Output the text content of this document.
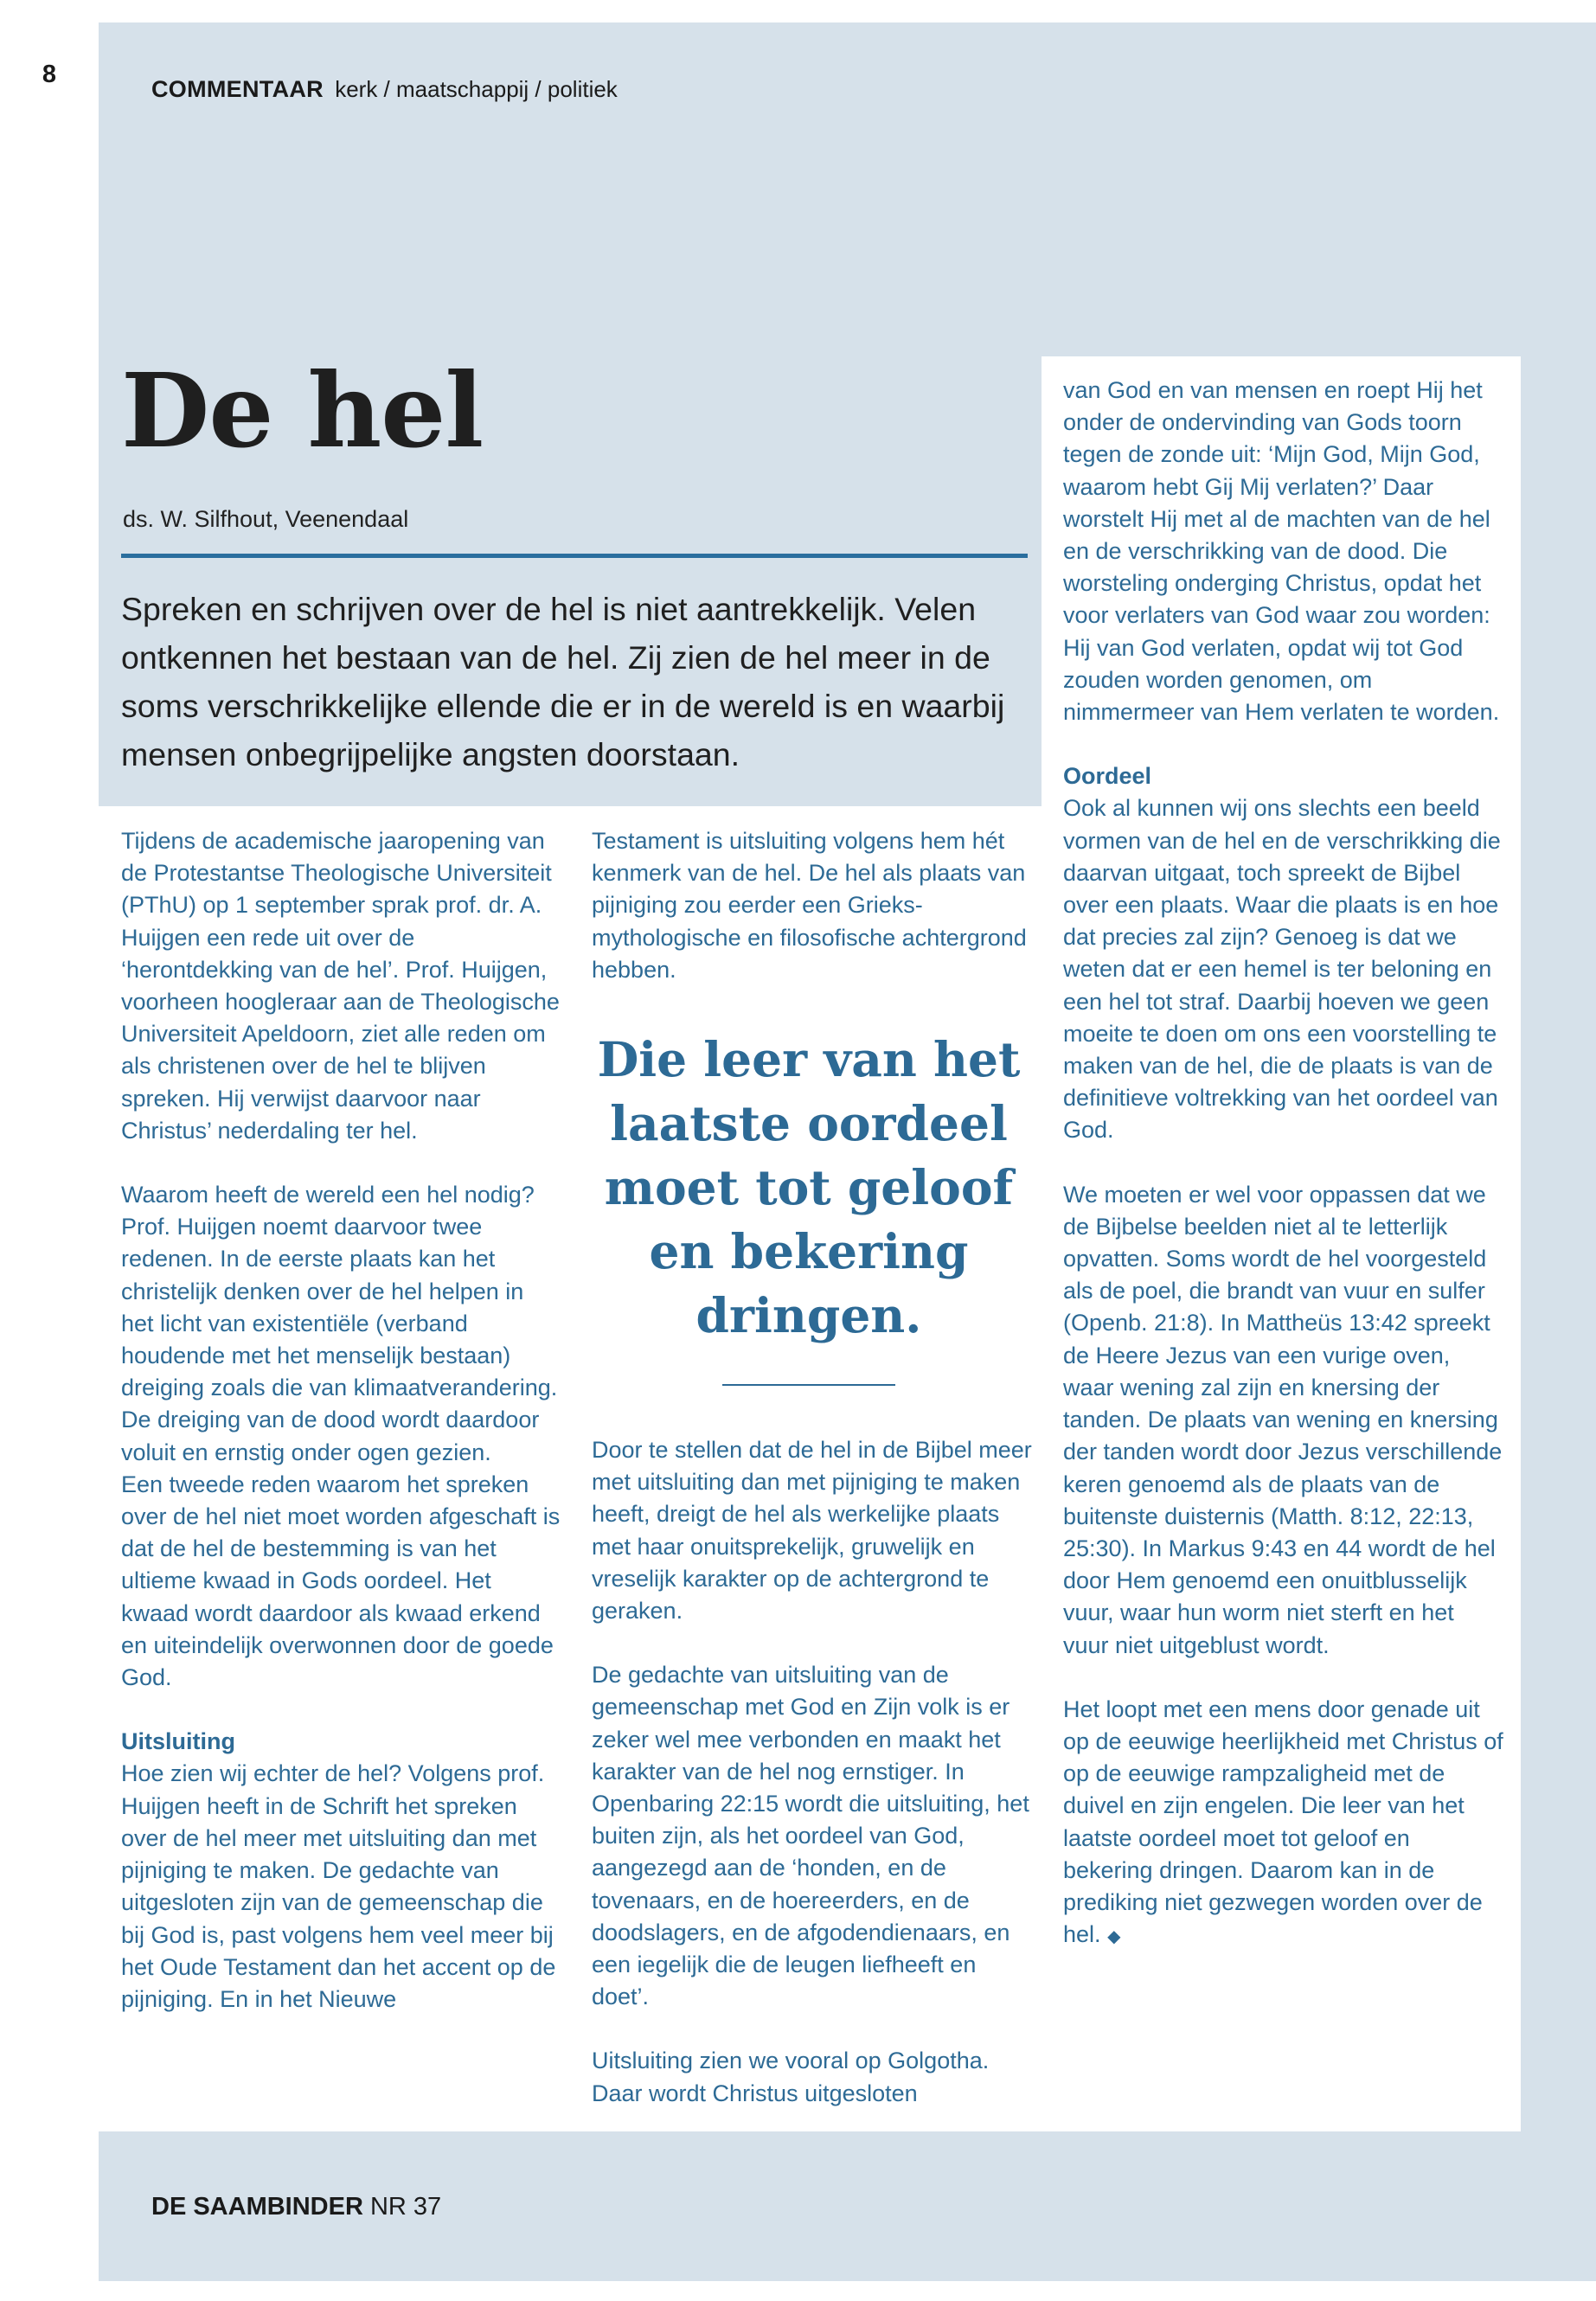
8
COMMENTAAR kerk / maatschappij / politiek
De hel
ds. W. Silfhout, Veenendaal

Spreken en schrijven over de hel is niet aantrekkelijk. Velen ontkennen het bestaan van de hel. Zij zien de hel meer in de soms verschrikkelijke ellende die er in de wereld is en waarbij mensen onbegrijpelijke angsten doorstaan.

Tijdens de academische jaaropening van de Protestantse Theologische Universiteit (PThU) op 1 september sprak prof. dr. A. Huijgen een rede uit over de ‘herontdekking van de hel’. Prof. Huijgen, voorheen hoogleraar aan de Theologische Universiteit Apeldoorn, ziet alle reden om als christenen over de hel te blijven spreken. Hij verwijst daarvoor naar Christus’ nederdaling ter hel.

Waarom heeft de wereld een hel nodig? Prof. Huijgen noemt daarvoor twee redenen. In de eerste plaats kan het christelijk denken over de hel helpen in het licht van existentiële (verband houdende met het menselijk bestaan) dreiging zoals die van klimaatverandering. De dreiging van de dood wordt daardoor voluit en ernstig onder ogen gezien.

Een tweede reden waarom het spreken over de hel niet moet worden afgeschaft is dat de hel de bestemming is van het ultieme kwaad in Gods oordeel. Het kwaad wordt daardoor als kwaad erkend en uiteindelijk overwonnen door de goede God.

Uitsluiting

Hoe zien wij echter de hel? Volgens prof. Huijgen heeft in de Schrift het spreken over de hel meer met uitsluiting dan met pijniging te maken. De gedachte van uitgesloten zijn van de gemeenschap die bij God is, past volgens hem veel meer bij het Oude Testament dan het accent op de pijniging. En in het Nieuwe

Testament is uitsluiting volgens hem hét kenmerk van de hel. De hel als plaats van pijniging zou eerder een Grieks-mythologische en filosofische achtergrond hebben.

Die leer van het laatste oordeel moet tot geloof en bekering dringen.

Door te stellen dat de hel in de Bijbel meer met uitsluiting dan met pijniging te maken heeft, dreigt de hel als werkelijke plaats met haar onuitsprekelijk, gruwelijk en vreselijk karakter op de achtergrond te geraken.

De gedachte van uitsluiting van de gemeenschap met God en Zijn volk is er zeker wel mee verbonden en maakt het karakter van de hel nog ernstiger. In Openbaring 22:15 wordt die uitsluiting, het buiten zijn, als het oordeel van God, aangezegd aan de ‘honden, en de tovenaars, en de hoereerders, en de doodslagers, en de afgodendienaars, en een iegelijk die de leugen liefheeft en doet’.

Uitsluiting zien we vooral op Golgotha. Daar wordt Christus uitgesloten

van God en van mensen en roept Hij het onder de ondervinding van Gods toorn tegen de zonde uit: ‘Mijn God, Mijn God, waarom hebt Gij Mij verlaten?’ Daar worstelt Hij met al de machten van de hel en de verschrikking van de dood. Die worsteling onderging Christus, opdat het voor verlaters van God waar zou worden: Hij van God verlaten, opdat wij tot God zouden worden genomen, om nimmermeer van Hem verlaten te worden.

Oordeel

Ook al kunnen wij ons slechts een beeld vormen van de hel en de verschrikking die daarvan uitgaat, toch spreekt de Bijbel over een plaats. Waar die plaats is en hoe dat precies zal zijn? Genoeg is dat we weten dat er een hemel is ter beloning en een hel tot straf. Daarbij hoeven we geen moeite te doen om ons een voorstelling te maken van de hel, die de plaats is van de definitieve voltrekking van het oordeel van God.

We moeten er wel voor oppassen dat we de Bijbelse beelden niet al te letterlijk opvatten. Soms wordt de hel voorgesteld als de poel, die brandt van vuur en sulfer (Openb. 21:8). In Mattheüs 13:42 spreekt de Heere Jezus van een vurige oven, waar wening zal zijn en knersing der tanden. De plaats van wening en knersing der tanden wordt door Jezus verschillende keren genoemd als de plaats van de buitenste duisternis (Matth. 8:12, 22:13, 25:30). In Markus 9:43 en 44 wordt de hel door Hem genoemd een onuitblusselijk vuur, waar hun worm niet sterft en het vuur niet uitgeblust wordt.

Het loopt met een mens door genade uit op de eeuwige heerlijkheid met Christus of op de eeuwige rampzaligheid met de duivel en zijn engelen. Die leer van het laatste oordeel moet tot geloof en bekering dringen. Daarom kan in de prediking niet gezwegen worden over de hel. ◆

DE SAAMBINDER NR 37
